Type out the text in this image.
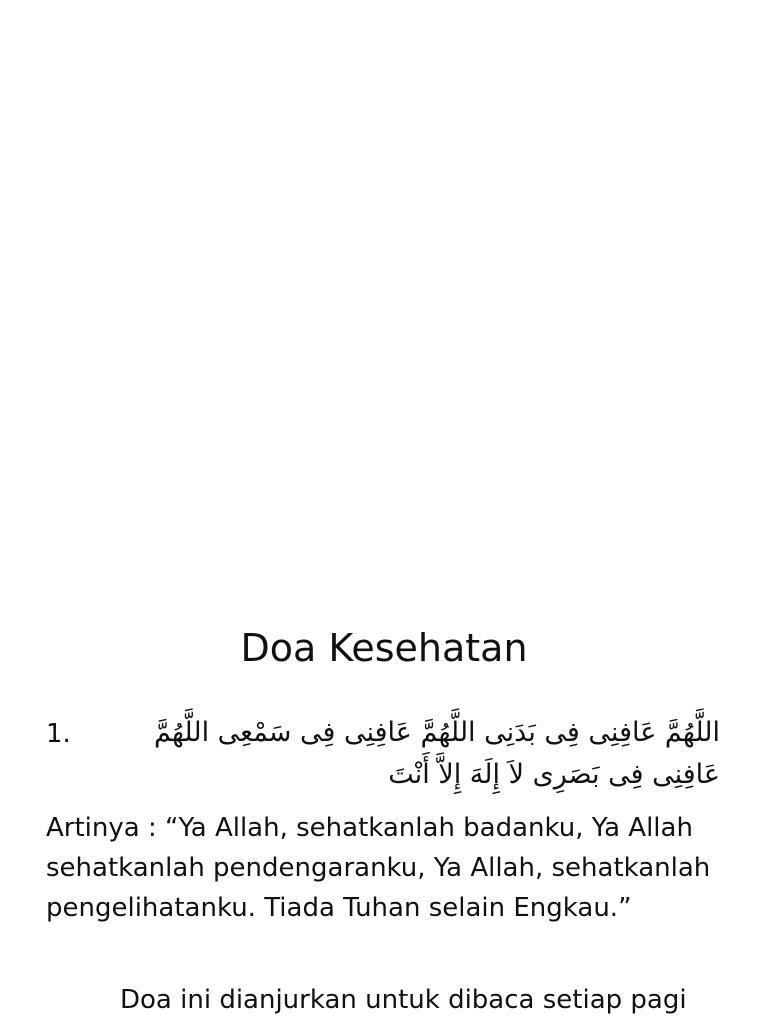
Doa Kesehatan
1.	اللَّهُمَّ عَافِنِى فِى بَدَنِى اللَّهُمَّ عَافِنِى فِى سَمْعِى اللَّهُمَّ عَافِنِى فِى بَصَرِى لاَ إِلَهَ إِلاَّ أَنْتَ

Artinya : “Ya Allah, sehatkanlah badanku, Ya Allah sehatkanlah pendengaranku, Ya Allah, sehatkanlah pengelihatanku. Tiada Tuhan selain Engkau.”

Doa ini dianjurkan untuk dibaca setiap pagi
